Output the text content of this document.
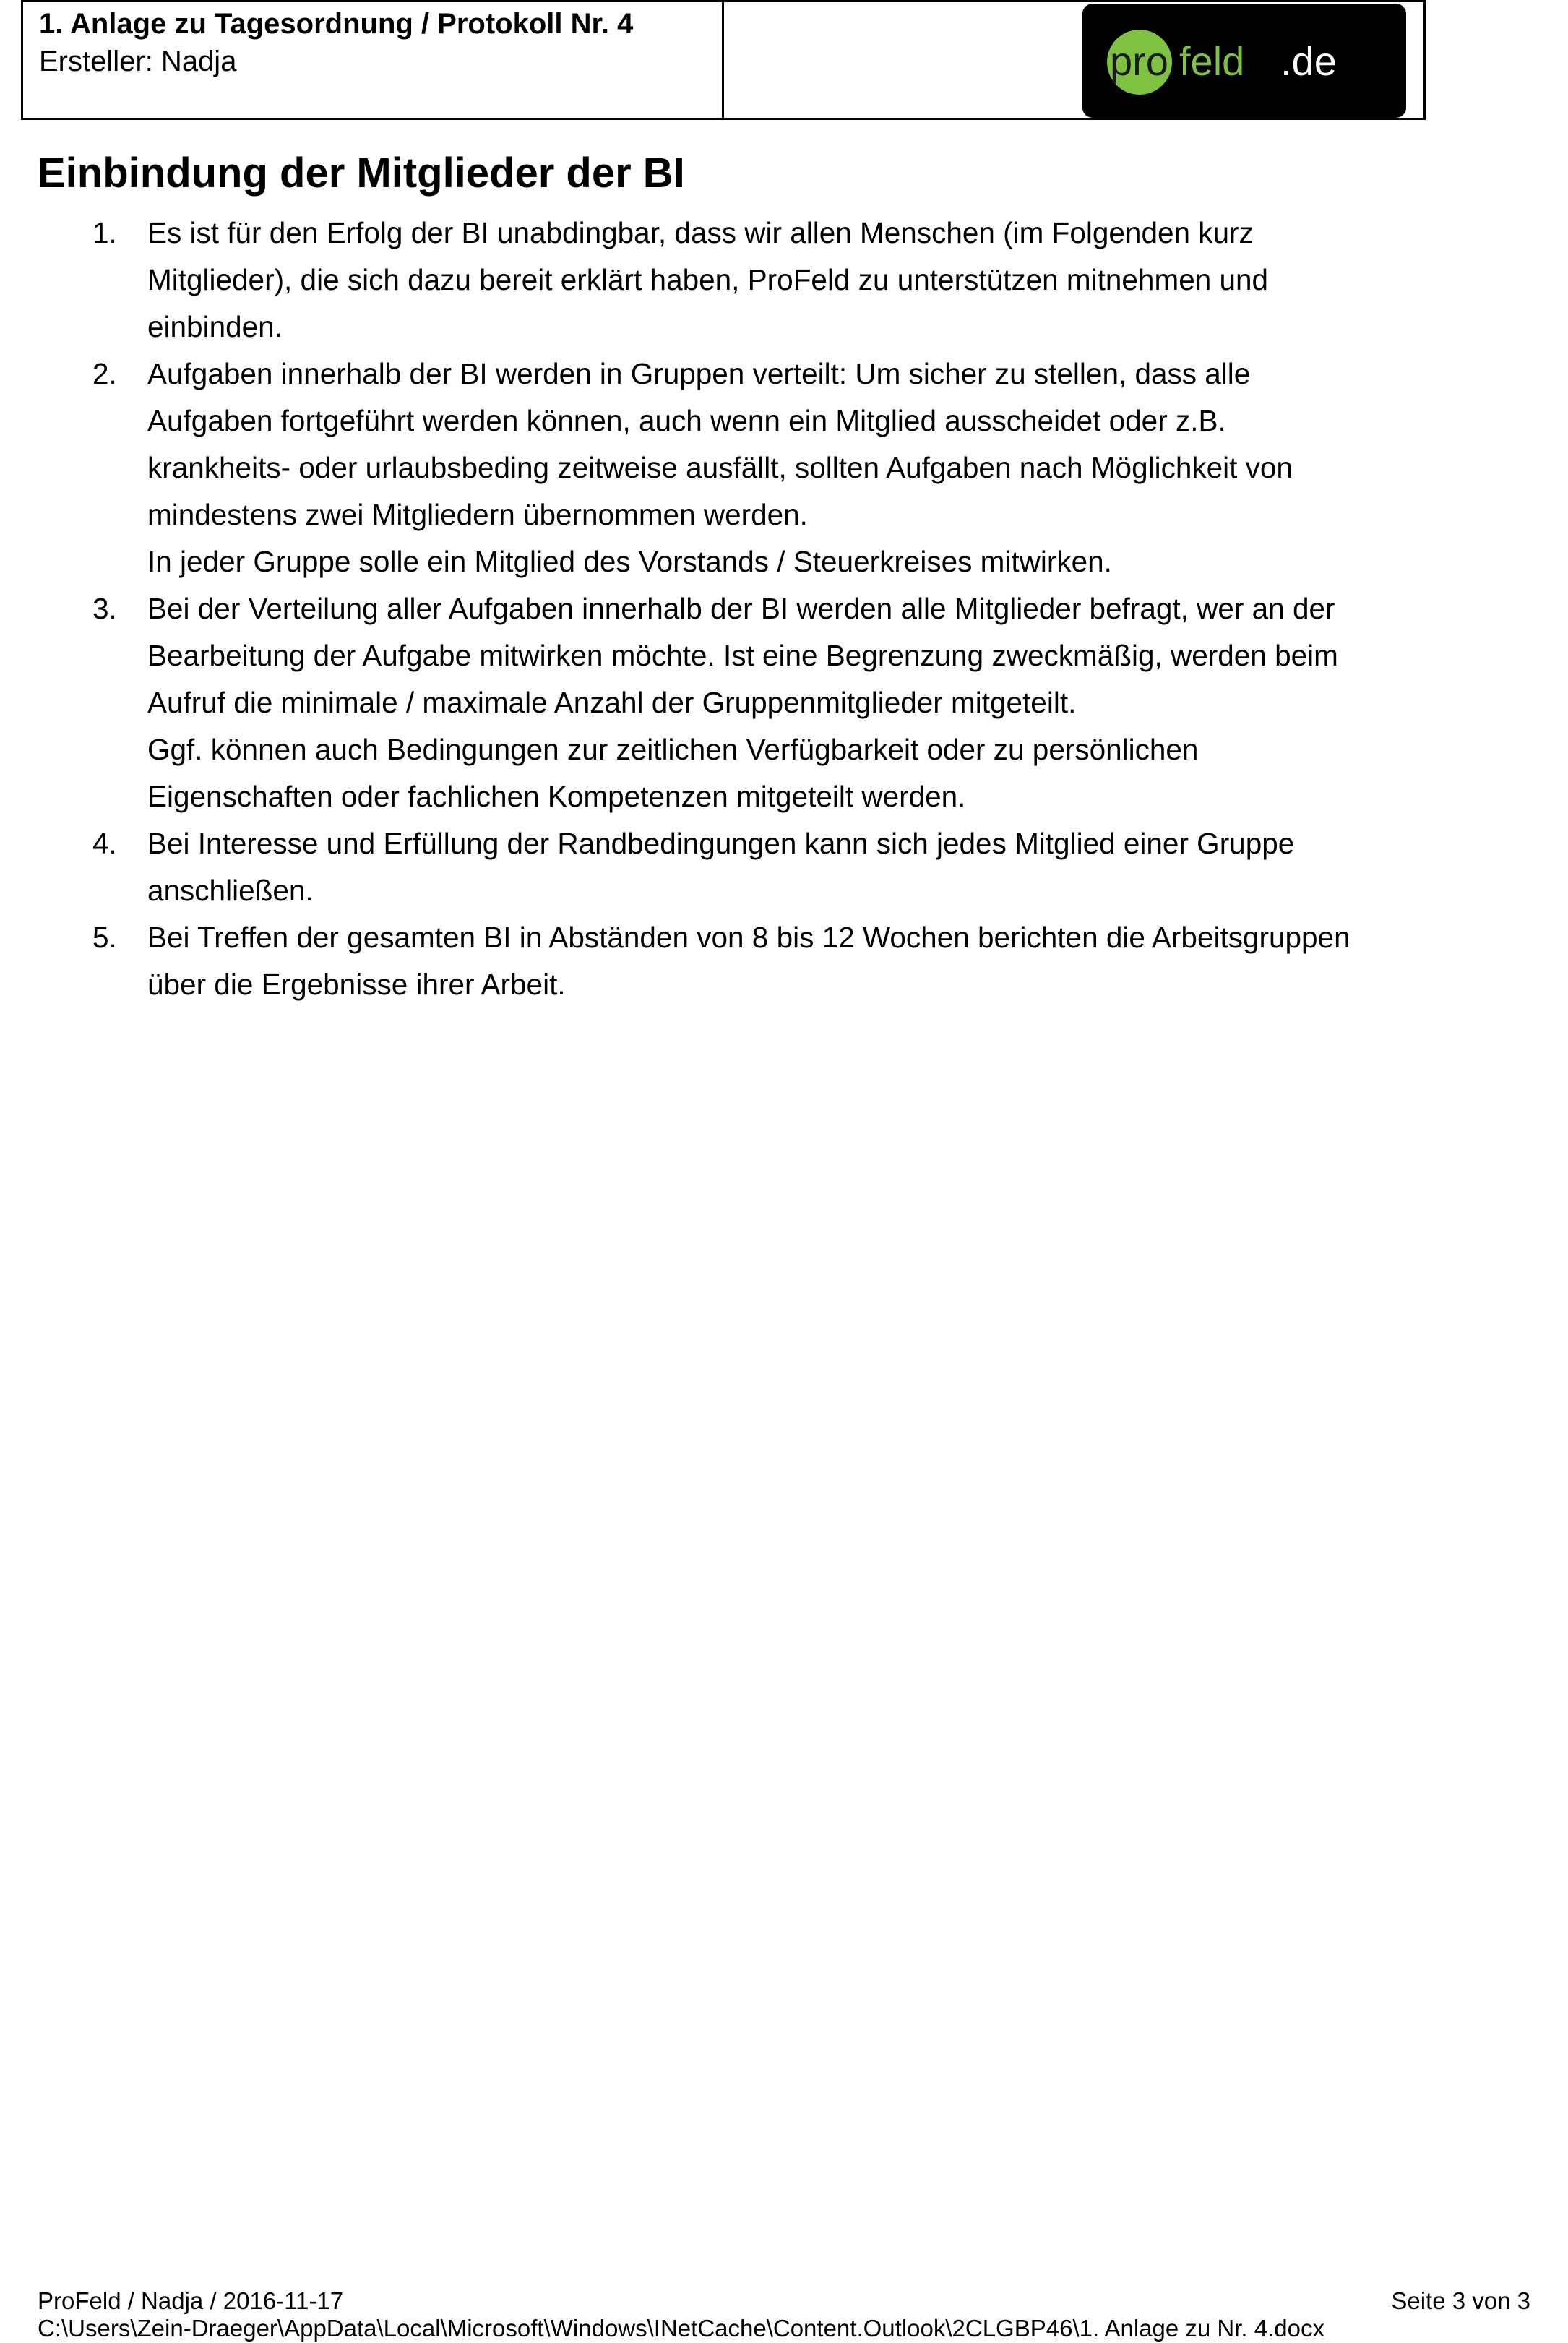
1. Anlage zu Tagesordnung / Protokoll Nr. 4
Ersteller: Nadja	pro feld .de
Einbindung der Mitglieder der BI
1. Es ist für den Erfolg der BI unabdingbar, dass wir allen Menschen (im Folgenden kurz
Mitglieder), die sich dazu bereit erklärt haben, ProFeld zu unterstützen mitnehmen und
einbinden.
2. Aufgaben innerhalb der BI werden in Gruppen verteilt: Um sicher zu stellen, dass alle
Aufgaben fortgeführt werden können, auch wenn ein Mitglied ausscheidet oder z.B.
krankheits- oder urlaubsbeding zeitweise ausfällt, sollten Aufgaben nach Möglichkeit von
mindestens zwei Mitgliedern übernommen werden.
In jeder Gruppe solle ein Mitglied des Vorstands / Steuerkreises mitwirken.
3. Bei der Verteilung aller Aufgaben innerhalb der BI werden alle Mitglieder befragt, wer an der
Bearbeitung der Aufgabe mitwirken möchte. Ist eine Begrenzung zweckmäßig, werden beim
Aufruf die minimale / maximale Anzahl der Gruppenmitglieder mitgeteilt.
Ggf. können auch Bedingungen zur zeitlichen Verfügbarkeit oder zu persönlichen
Eigenschaften oder fachlichen Kompetenzen mitgeteilt werden.
4. Bei Interesse und Erfüllung der Randbedingungen kann sich jedes Mitglied einer Gruppe
anschließen.
5. Bei Treffen der gesamten BI in Abständen von 8 bis 12 Wochen berichten die Arbeitsgruppen
über die Ergebnisse ihrer Arbeit.
ProFeld / Nadja / 2016-11-17
C:\Users\Zein-Draeger\AppData\Local\Microsoft\Windows\INetCache\Content.Outlook\2CLGBP46\1. Anlage zu Nr. 4.docx
Seite 3 von 3
